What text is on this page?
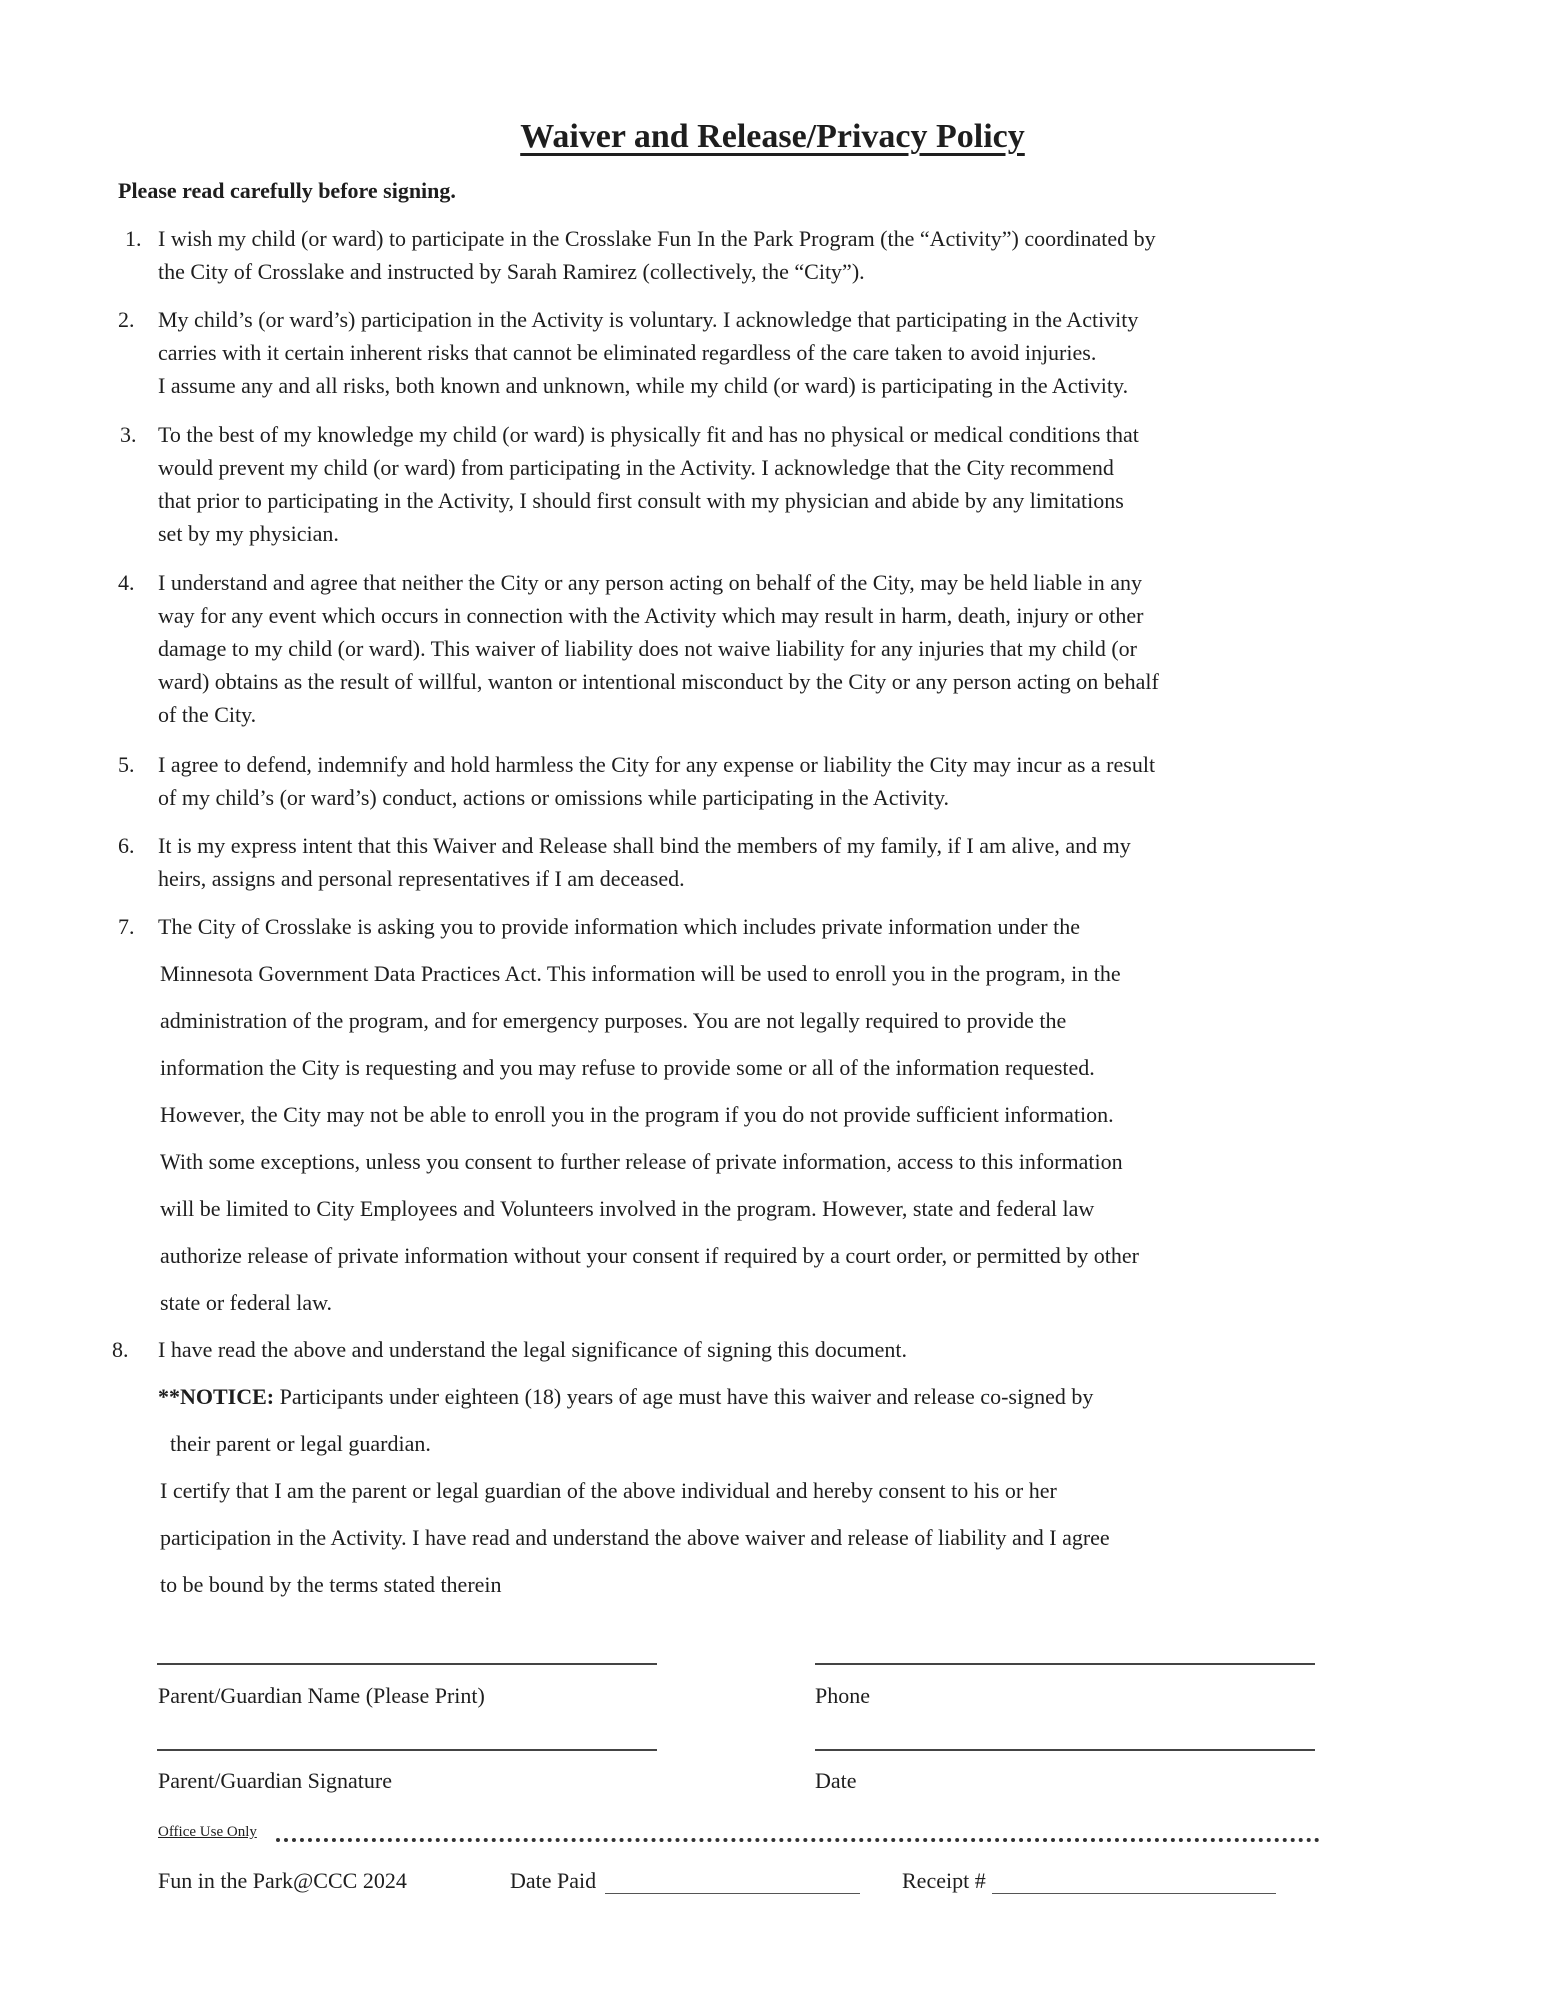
Waiver and Release/Privacy Policy
Please read carefully before signing.
1. I wish my child (or ward) to participate in the Crosslake Fun In the Park Program (the “Activity”) coordinated by
the City of Crosslake and instructed by Sarah Ramirez (collectively, the “City”).
2. My child’s (or ward’s) participation in the Activity is voluntary. I acknowledge that participating in the Activity
carries with it certain inherent risks that cannot be eliminated regardless of the care taken to avoid injuries.
I assume any and all risks, both known and unknown, while my child (or ward) is participating in the Activity.
3. To the best of my knowledge my child (or ward) is physically fit and has no physical or medical conditions that
would prevent my child (or ward) from participating in the Activity. I acknowledge that the City recommend
that prior to participating in the Activity, I should first consult with my physician and abide by any limitations
set by my physician.
4. I understand and agree that neither the City or any person acting on behalf of the City, may be held liable in any
way for any event which occurs in connection with the Activity which may result in harm, death, injury or other
damage to my child (or ward). This waiver of liability does not waive liability for any injuries that my child (or
ward) obtains as the result of willful, wanton or intentional misconduct by the City or any person acting on behalf
of the City.
5. I agree to defend, indemnify and hold harmless the City for any expense or liability the City may incur as a result
of my child’s (or ward’s) conduct, actions or omissions while participating in the Activity.
6. It is my express intent that this Waiver and Release shall bind the members of my family, if I am alive, and my
heirs, assigns and personal representatives if I am deceased.
7. The City of Crosslake is asking you to provide information which includes private information under the
Minnesota Government Data Practices Act. This information will be used to enroll you in the program, in the
administration of the program, and for emergency purposes. You are not legally required to provide the
information the City is requesting and you may refuse to provide some or all of the information requested.
However, the City may not be able to enroll you in the program if you do not provide sufficient information.
With some exceptions, unless you consent to further release of private information, access to this information
will be limited to City Employees and Volunteers involved in the program. However, state and federal law
authorize release of private information without your consent if required by a court order, or permitted by other
state or federal law.
8. I have read the above and understand the legal significance of signing this document.
**NOTICE: Participants under eighteen (18) years of age must have this waiver and release co-signed by
their parent or legal guardian.
I certify that I am the parent or legal guardian of the above individual and hereby consent to his or her
participation in the Activity. I have read and understand the above waiver and release of liability and I agree
to be bound by the terms stated therein
Parent/Guardian Name (Please Print)	Phone
Parent/Guardian Signature	Date
Office Use Only
Fun in the Park@CCC 2024	Date Paid	Receipt #
